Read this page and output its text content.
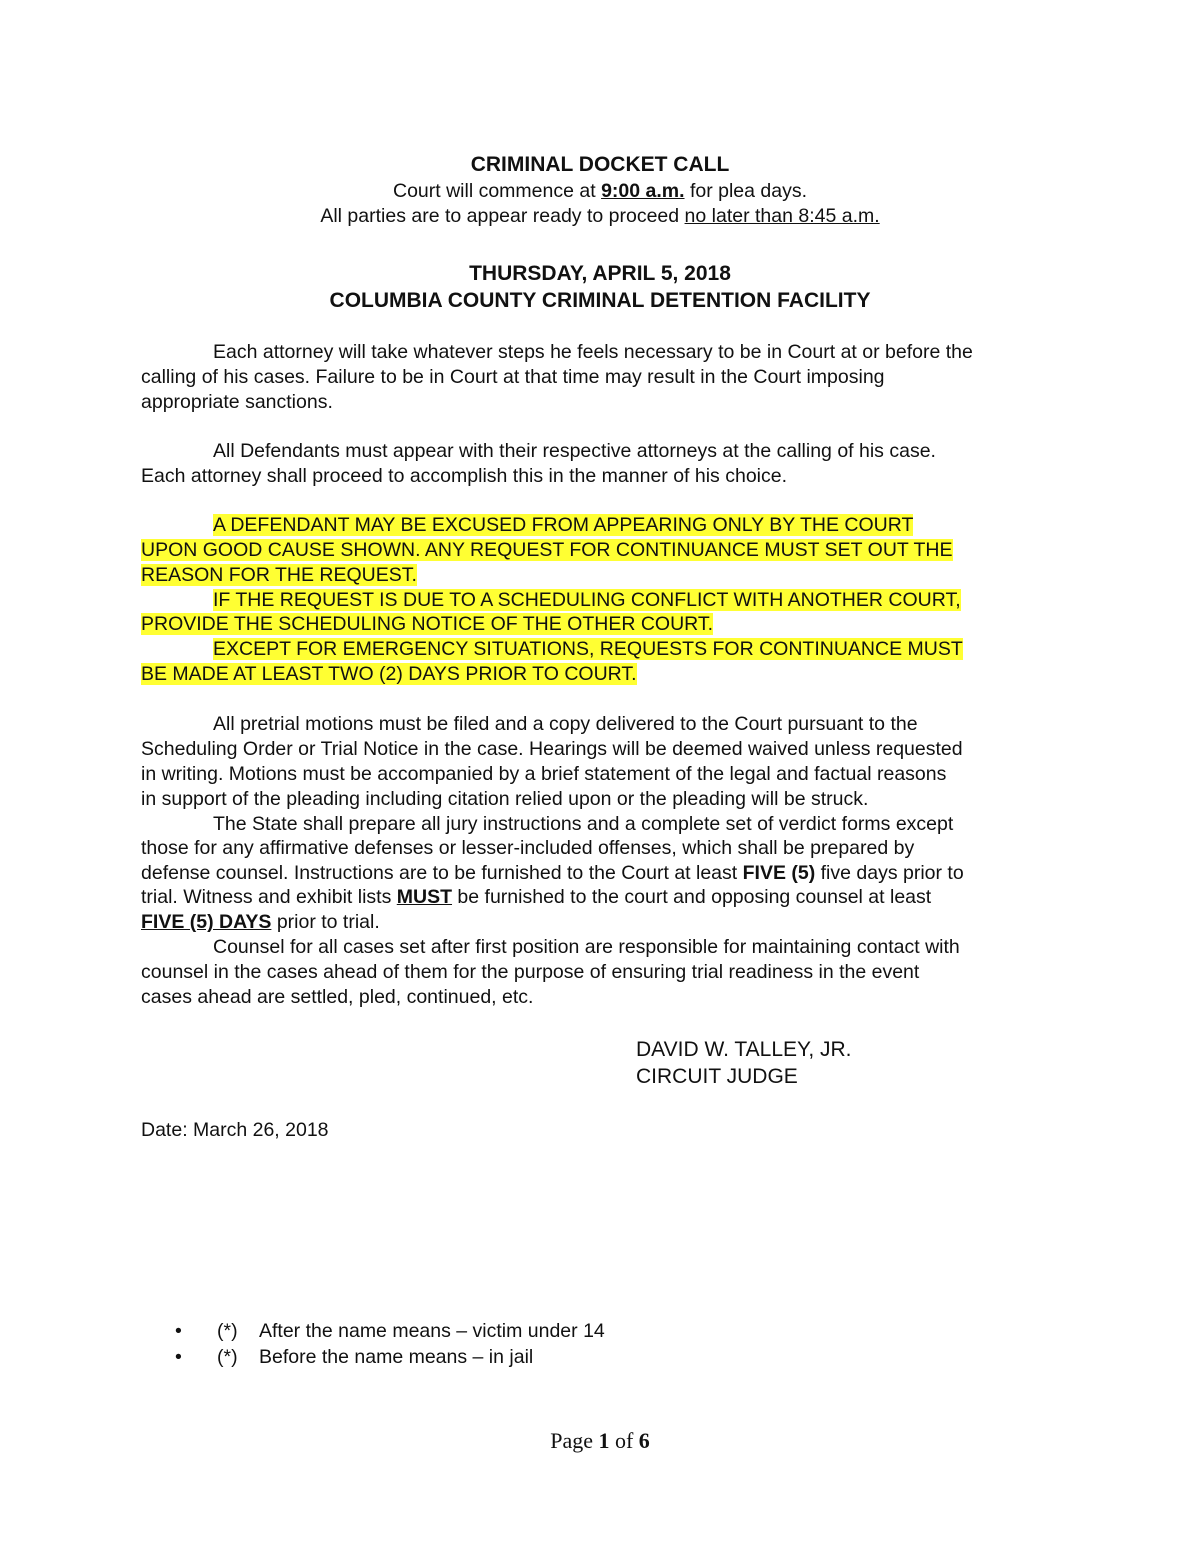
CRIMINAL DOCKET CALL
Court will commence at 9:00 a.m. for plea days.
All parties are to appear ready to proceed no later than 8:45 a.m.
THURSDAY, APRIL 5, 2018
COLUMBIA COUNTY CRIMINAL DETENTION FACILITY
Each attorney will take whatever steps he feels necessary to be in Court at or before the
calling of his cases. Failure to be in Court at that time may result in the Court imposing
appropriate sanctions.
All Defendants must appear with their respective attorneys at the calling of his case.
Each attorney shall proceed to accomplish this in the manner of his choice.
A DEFENDANT MAY BE EXCUSED FROM APPEARING ONLY BY THE COURT
UPON GOOD CAUSE SHOWN. ANY REQUEST FOR CONTINUANCE MUST SET OUT THE
REASON FOR THE REQUEST.
IF THE REQUEST IS DUE TO A SCHEDULING CONFLICT WITH ANOTHER COURT,
PROVIDE THE SCHEDULING NOTICE OF THE OTHER COURT.
EXCEPT FOR EMERGENCY SITUATIONS, REQUESTS FOR CONTINUANCE MUST
BE MADE AT LEAST TWO (2) DAYS PRIOR TO COURT.
All pretrial motions must be filed and a copy delivered to the Court pursuant to the
Scheduling Order or Trial Notice in the case. Hearings will be deemed waived unless requested
in writing. Motions must be accompanied by a brief statement of the legal and factual reasons
in support of the pleading including citation relied upon or the pleading will be struck.
The State shall prepare all jury instructions and a complete set of verdict forms except
those for any affirmative defenses or lesser-included offenses, which shall be prepared by
defense counsel. Instructions are to be furnished to the Court at least FIVE (5) five days prior to
trial. Witness and exhibit lists MUST be furnished to the court and opposing counsel at least
FIVE (5) DAYS prior to trial.
Counsel for all cases set after first position are responsible for maintaining contact with
counsel in the cases ahead of them for the purpose of ensuring trial readiness in the event
cases ahead are settled, pled, continued, etc.
DAVID W. TALLEY, JR.
CIRCUIT JUDGE
Date: March 26, 2018
• (*) After the name means – victim under 14
• (*) Before the name means – in jail
Page 1 of 6
